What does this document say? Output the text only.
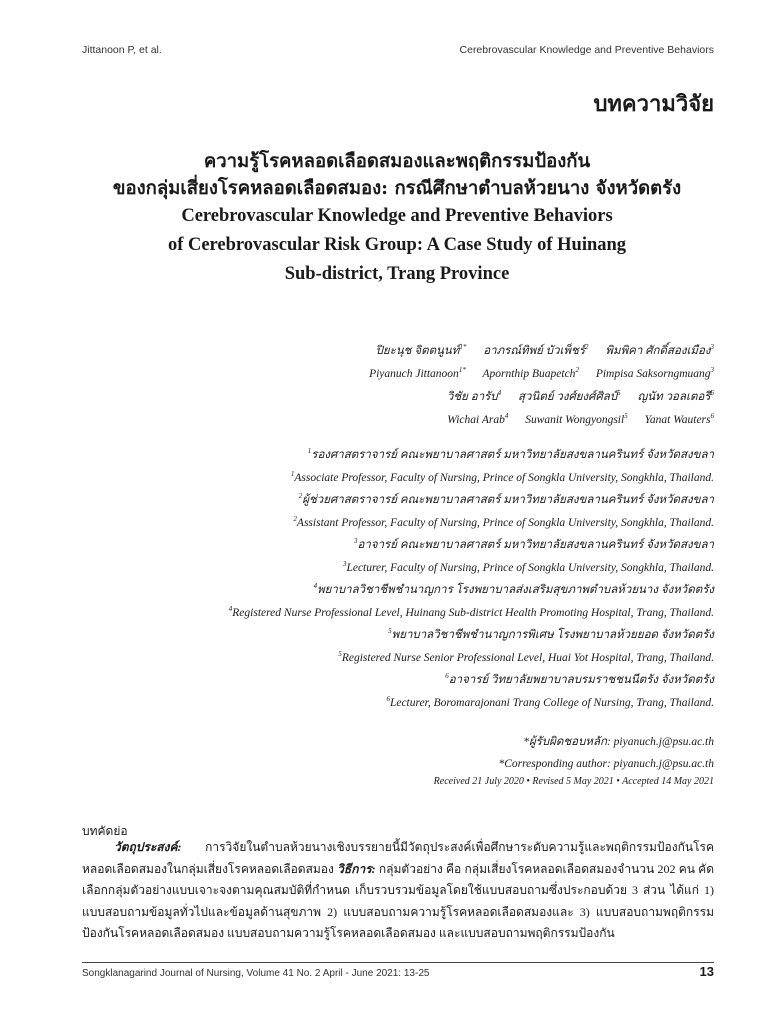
Jittanoon P, et al.	Cerebrovascular Knowledge and Preventive Behaviors
บทความวิจัย
ความรู้โรคหลอดเลือดสมองและพฤติกรรมป้องกัน
ของกลุ่มเสี่ยงโรคหลอดเลือดสมอง: กรณีศึกษาตำบลห้วยนาง จังหวัดตรัง
Cerebrovascular Knowledge and Preventive Behaviors
of Cerebrovascular Risk Group: A Case Study of Huinang
Sub-district, Trang Province
ปิยะนุช จิตตนูนท์$^{1*}$ อาภรณ์ทิพย์ บัวเพ็ชร์$^2$ พิมพิคา ศักดิ์สองเมือง$^3$
Piyanuch Jittanoon$^{1*}$ Apornthip Buapetch$^2$ Pimpisa Saksorngmuang$^3$
วิชัย อารับ$^4$ สุวนิตย์ วงศ์ยงศ์ศิลป์$^5$ ญนัท วอลเตอรี$^6$
Wichai Arab$^4$ Suwanit Wongyongsil$^5$ Yanat Wauters$^6$
$^1$รองศาสตราจารย์ คณะพยาบาลศาสตร์ มหาวิทยาลัยสงขลานครินทร์ จังหวัดสงขลา
$^1$Associate Professor, Faculty of Nursing, Prince of Songkla University, Songkhla, Thailand.
$^2$ผู้ช่วยศาสตราจารย์ คณะพยาบาลศาสตร์ มหาวิทยาลัยสงขลานครินทร์ จังหวัดสงขลา
$^2$Assistant Professor, Faculty of Nursing, Prince of Songkla University, Songkhla, Thailand.
$^3$อาจารย์ คณะพยาบาลศาสตร์ มหาวิทยาลัยสงขลานครินทร์ จังหวัดสงขลา
$^3$Lecturer, Faculty of Nursing, Prince of Songkla University, Songkhla, Thailand.
$^4$พยาบาลวิชาชีพชำนาญการ โรงพยาบาลส่งเสริมสุขภาพตำบลห้วยนาง จังหวัดตรัง
$^4$Registered Nurse Professional Level, Huinang Sub-district Health Promoting Hospital, Trang, Thailand.
$^5$พยาบาลวิชาชีพชำนาญการพิเศษ โรงพยาบาลห้วยยอด จังหวัดตรัง
$^5$Registered Nurse Senior Professional Level, Huai Yot Hospital, Trang, Thailand.
$^6$อาจารย์ วิทยาลัยพยาบาลบรมราชชนนีตรัง จังหวัดตรัง
$^6$Lecturer, Boromarajonani Trang College of Nursing, Trang, Thailand.
*ผู้รับผิดชอบหลัก: piyanuch.j@psu.ac.th
*Corresponding author: piyanuch.j@psu.ac.th
Received 21 July 2020 • Revised 5 May 2021 • Accepted 14 May 2021
บทคัดย่อ
วัตถุประสงค์: การวิจัยในตำบลห้วยนางเชิงบรรยายนี้มีวัตถุประสงค์เพื่อศึกษาระดับความรู้และพฤติกรรมป้องกันโรคหลอดเลือดสมองในกลุ่มเสี่ยงโรคหลอดเลือดสมอง วิธีการ: กลุ่มตัวอย่าง คือ กลุ่มเสี่ยงโรคหลอดเลือดสมองจำนวน 202 คน คัดเลือกกลุ่มตัวอย่างแบบเจาะจงตามคุณสมบัติที่กำหนด เก็บรวบรวมข้อมูลโดยใช้แบบสอบถามซึ่งประกอบด้วย 3 ส่วน ได้แก่ 1) แบบสอบถามข้อมูลทั่วไปและข้อมูลด้านสุขภาพ 2) แบบสอบถามความรู้โรคหลอดเลือดสมองและ 3) แบบสอบถามพฤติกรรมป้องกันโรคหลอดเลือดสมอง แบบสอบถามความรู้โรคหลอดเลือดสมอง และแบบสอบถามพฤติกรรมป้องกัน
Songklanagarind Journal of Nursing, Volume 41 No. 2 April - June 2021: 13-25	13
